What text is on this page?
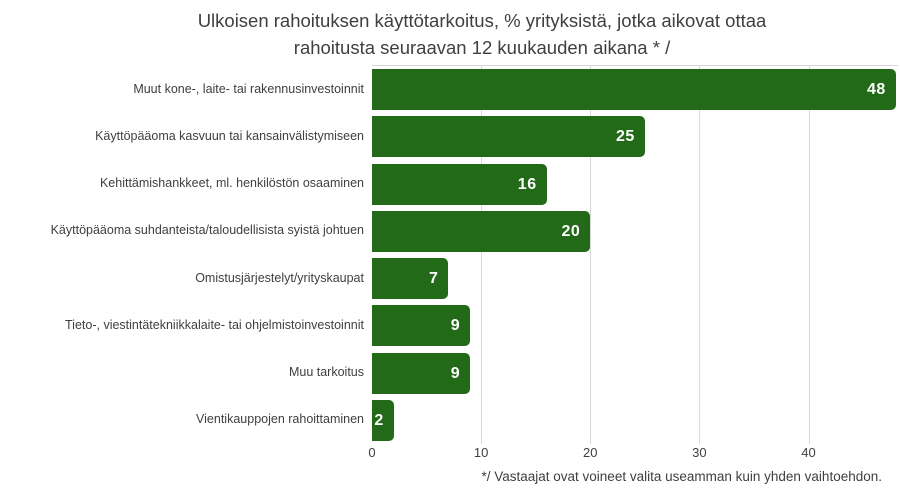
Ulkoisen rahoituksen käyttötarkoitus, % yrityksistä, jotka aikovat ottaa
rahoitusta seuraavan 12 kuukauden aikana * /
48
25
16
20
7
9
9
2
Muut kone-, laite- tai rakennusinvestoinnit
Käyttöpääoma kasvuun tai kansainvälistymiseen
Kehittämishankkeet, ml. henkilöstön osaaminen
Käyttöpääoma suhdanteista/taloudellisista syistä johtuen
Omistusjärjestelyt/yrityskaupat
Tieto-, viestintätekniikkalaite- tai ohjelmistoinvestoinnit
Muu tarkoitus
Vientikauppojen rahoittaminen
0	10	20	30	40
*/ Vastaajat ovat voineet valita useamman kuin yhden vaihtoehdon.
